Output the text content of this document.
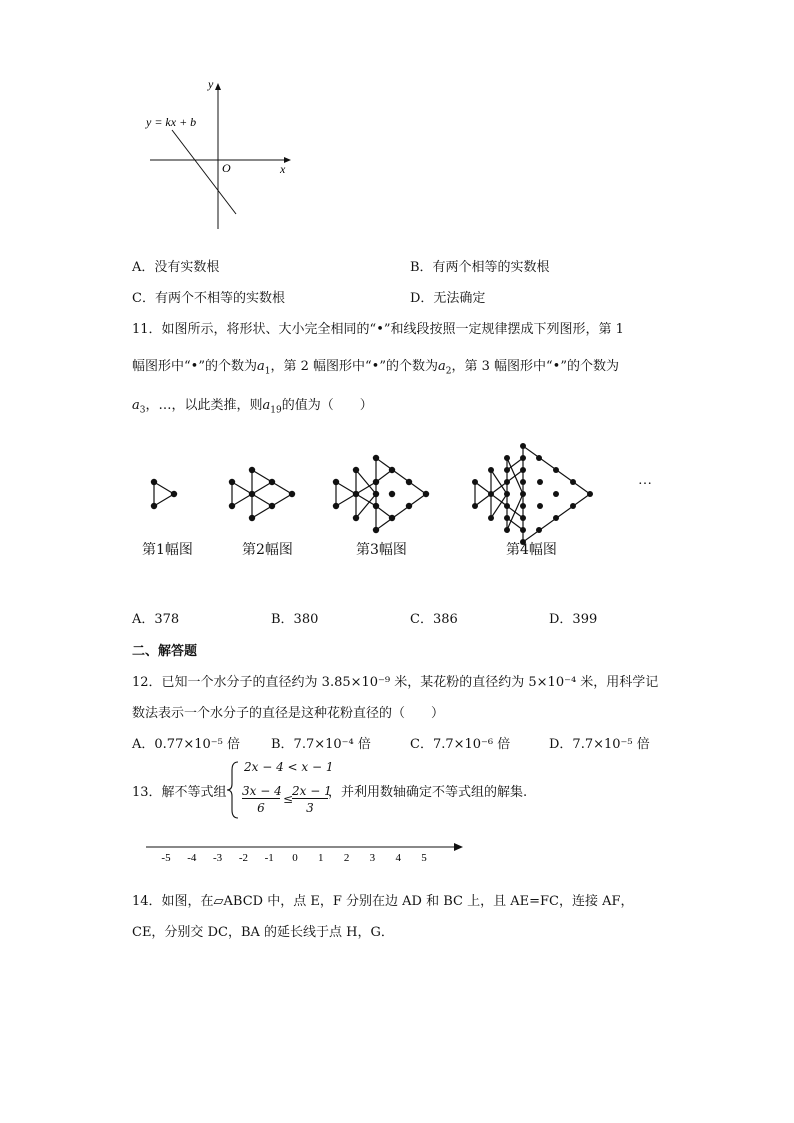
y
x
O
y = kx + b
A．没有实数根	B．有两个相等的实数根
C．有两个不相等的实数根	D．无法确定
11．如图所示，将形状、大小完全相同的“•”和线段按照一定规律摆成下列图形，第 1
幅图形中“•”的个数为$a_1$，第 2 幅图形中“•”的个数为$a_2$，第 3 幅图形中“•”的个数为
$a_3$，…，以此类推，则$a_{19}$的值为（　　）
…
第1幅图	第2幅图	第3幅图	第4幅图
A．378	B．380	C．386	D．399
二、解答题
12．已知一个水分子的直径约为 3.85×10⁻⁹ 米，某花粉的直径约为 5×10⁻⁴ 米，用科学记
数法表示一个水分子的直径是这种花粉直径的（　　）
A．0.77×10⁻⁵ 倍 B．7.7×10⁻⁴ 倍	C．7.7×10⁻⁶ 倍	D．7.7×10⁻⁵ 倍
13．解不等式组
2x − 4 < x − 1
3x − 4
6
≤
2x − 1
3
，并利用数轴确定不等式组的解集.
-5 -4 -3 -2 -1 0 1 2 3 4 5
14．如图，在▱ABCD 中，点 E，F 分别在边 AD 和 BC 上，且 AE=FC，连接 AF，
CE，分别交 DC，BA 的延长线于点 H，G．
